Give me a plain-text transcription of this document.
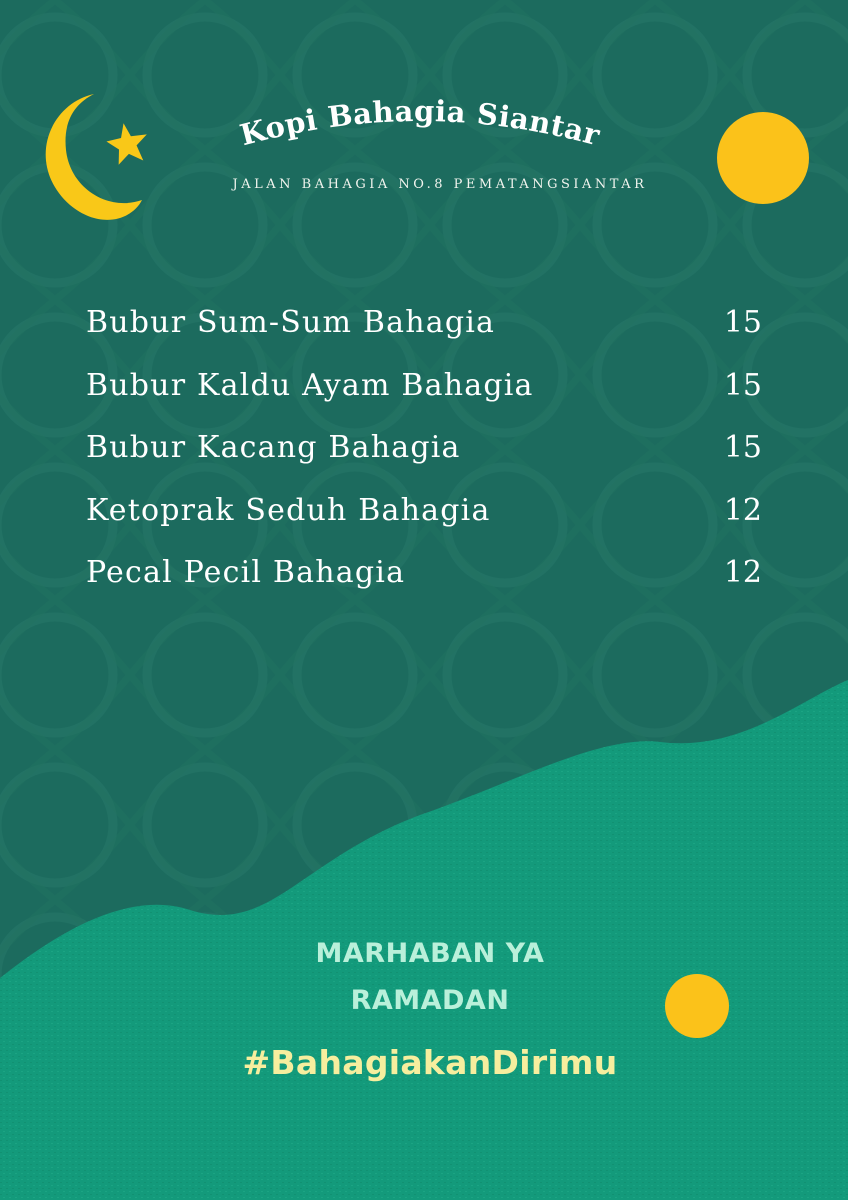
Kopi Bahagia Siantar
JALAN BAHAGIA NO.8 PEMATANGSIANTAR
Bubur Sum-Sum Bahagia	15
Bubur Kaldu Ayam Bahagia	15
Bubur Kacang Bahagia	15
Ketoprak Seduh Bahagia	12
Pecal Pecil Bahagia	12
MARHABAN YA
RAMADAN
#BahagiakanDirimu
